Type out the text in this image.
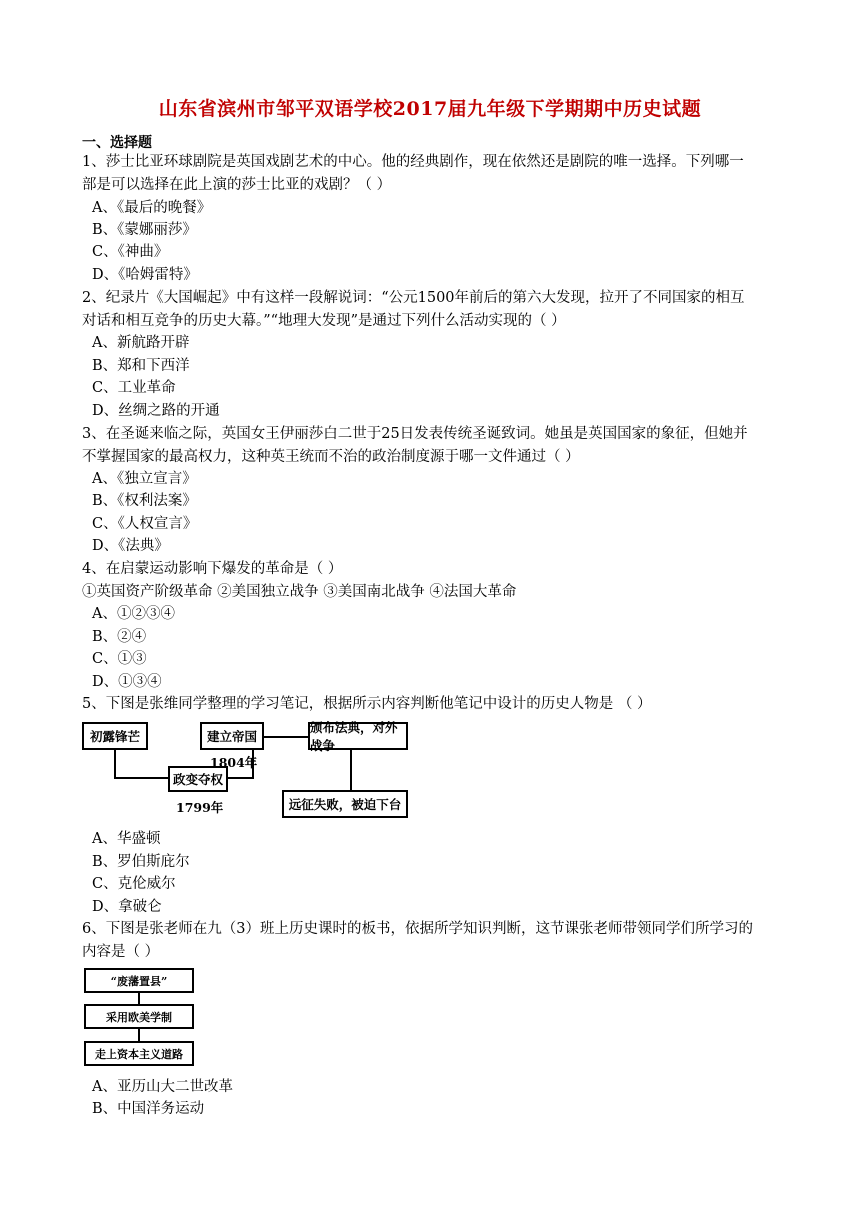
山东省滨州市邹平双语学校2017届九年级下学期期中历史试题
一、选择题
1、莎士比亚环球剧院是英国戏剧艺术的中心。他的经典剧作，现在依然还是剧院的唯一选择。下列哪一
部是可以选择在此上演的莎士比亚的戏剧？（ ）
A、《最后的晚餐》
B、《蒙娜丽莎》
C、《神曲》
D、《哈姆雷特》
2、纪录片《大国崛起》中有这样一段解说词：“公元1500年前后的第六大发现，拉开了不同国家的相互
对话和相互竞争的历史大幕。”“地理大发现”是通过下列什么活动实现的（ ）
A、新航路开辟
B、郑和下西洋
C、工业革命
D、丝绸之路的开通
3、在圣诞来临之际，英国女王伊丽莎白二世于25日发表传统圣诞致词。她虽是英国国家的象征，但她并
不掌握国家的最高权力，这种英王统而不治的政治制度源于哪一文件通过（ ）
A、《独立宣言》
B、《权利法案》
C、《人权宣言》
D、《法典》
4、在启蒙运动影响下爆发的革命是（ ）
①英国资产阶级革命 ②美国独立战争 ③美国南北战争 ④法国大革命
A、①②③④
B、②④
C、①③
D、①③④
5、下图是张维同学整理的学习笔记，根据所示内容判断他笔记中设计的历史人物是 （ ）
初露锋芒	建立帝国
颁布法典，对外战争
政变夺权
远征失败，被迫下台
1804年
1799年
A、华盛顿
B、罗伯斯庇尔
C、克伦威尔
D、拿破仑
6、下图是张老师在九（3）班上历史课时的板书，依据所学知识判断，这节课张老师带领同学们所学习的
内容是（ ）
“废藩置县”
采用欧美学制
走上资本主义道路
A、亚历山大二世改革
B、中国洋务运动
